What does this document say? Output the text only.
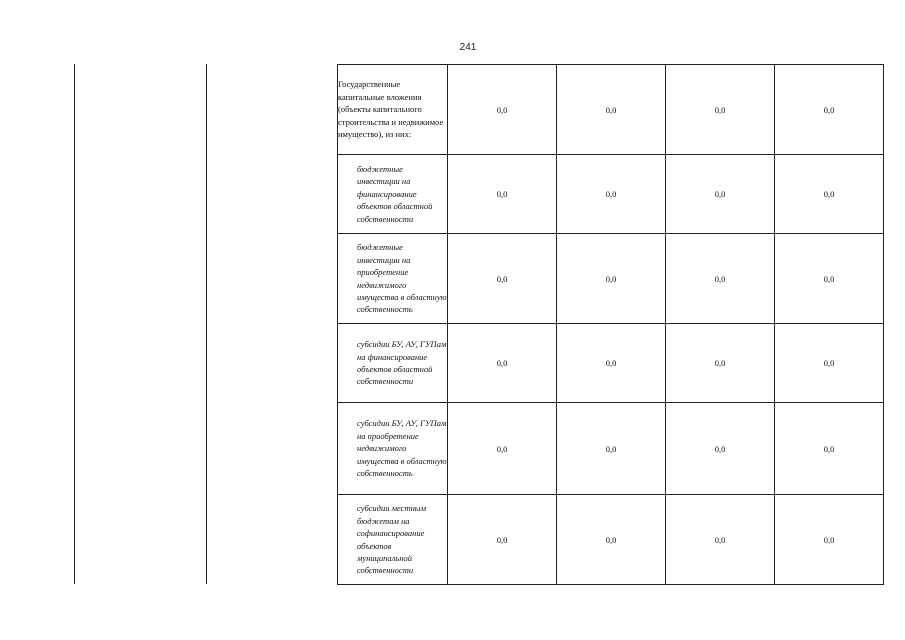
241
Государственные капитальные вложения (объекты капитального строительства и недвижимое имущество), из них:	0,0	0,0	0,0	0,0
бюджетные инвестиции на финансирование объектов областной собственности	0,0	0,0	0,0	0,0
бюджетные инвестиции на приобретение недвижимого имущества в областную собственность	0,0	0,0	0,0	0,0
субсидии БУ, АУ, ГУПам на финансирование объектов областной собственности	0,0	0,0	0,0	0,0
субсидии БУ, АУ, ГУПам на приобретение недвижимого имущества в областную собственность	0,0	0,0	0,0	0,0
субсидии местным бюджетам на софинансирование объектов муниципальной собственности	0,0	0,0	0,0	0,0
